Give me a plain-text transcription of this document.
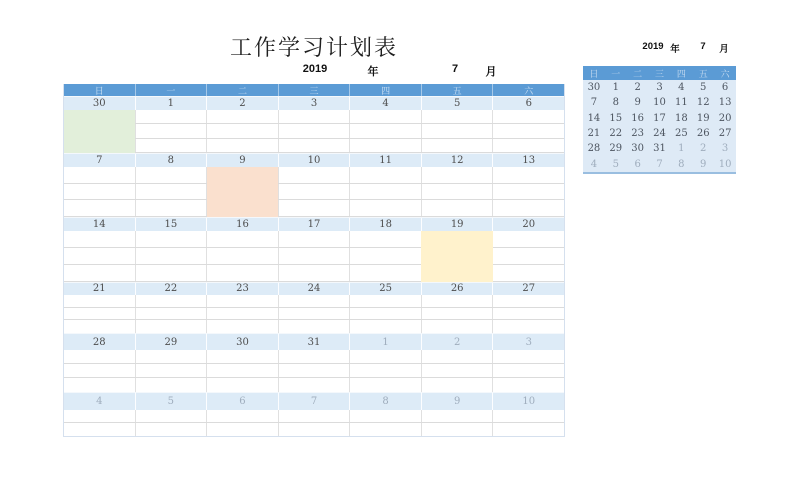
工作学习计划表
2019	年	7	月
日	一	二	三	四	五	六
30	1	2	3	4	5	6
7	8	9	10	11	12	13
14	15	16	17	18	19	20
21	22	23	24	25	26	27
28	29	30	31	1	2	3
4	5	6	7	8	9	10
2019 年	7	月
日	一	二	三	四	五	六
30	1	2	3	4	5	6
7	8	9	10 11 12 13
14 15 16 17 18 19 20
21 22 23 24 25 26 27
28 29 30 31	1	2	3
4	5	6	7	8	9	10
